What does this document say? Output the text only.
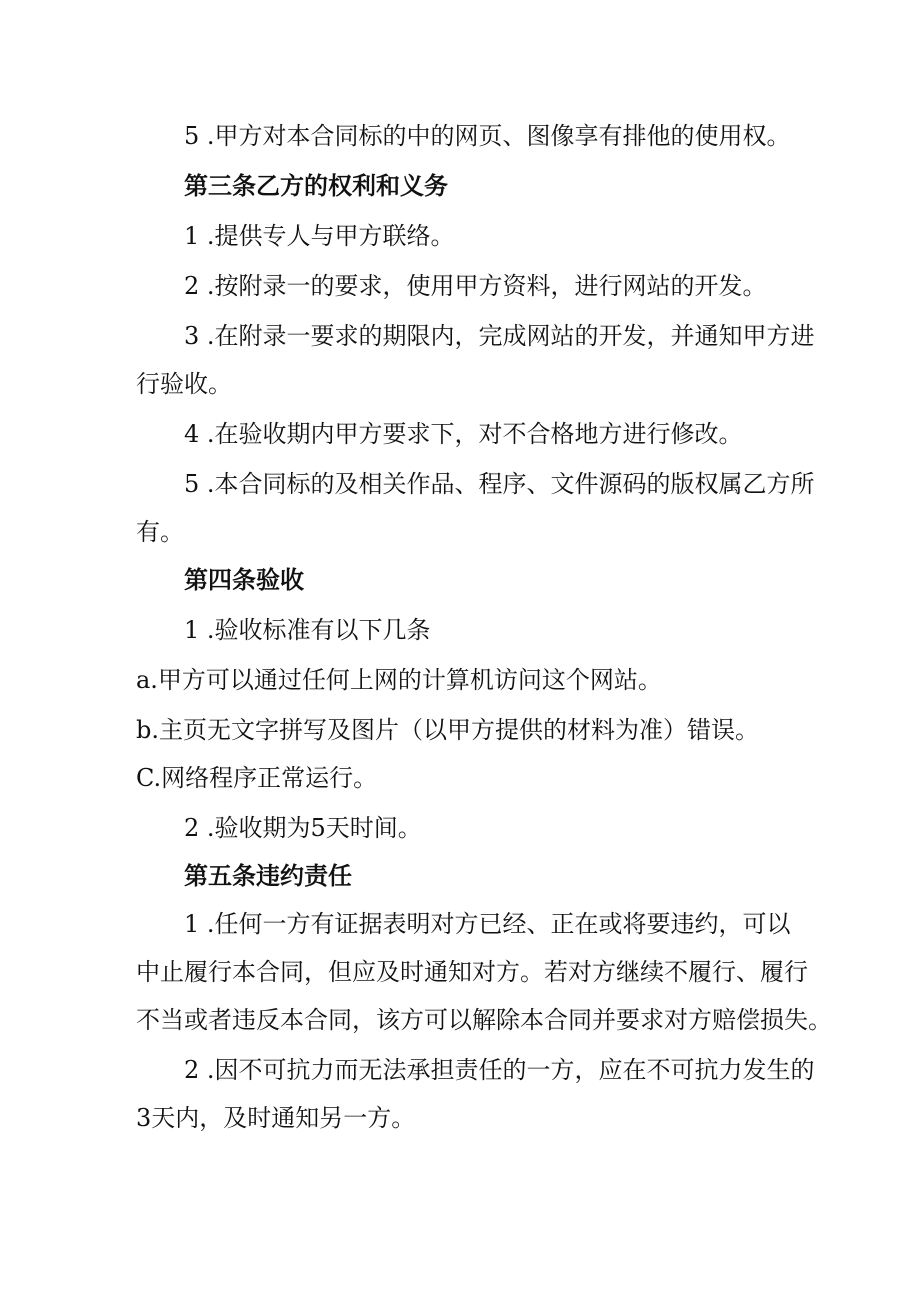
5 .甲方对本合同标的中的网页、图像享有排他的使用权。

第三条乙方的权利和义务

1 .提供专人与甲方联络。

2 .按附录一的要求，使用甲方资料，进行网站的开发。

3 .在附录一要求的期限内，完成网站的开发，并通知甲方进
行验收。

4 .在验收期内甲方要求下，对不合格地方进行修改。

5 .本合同标的及相关作品、程序、文件源码的版权属乙方所
有。

第四条验收

1 .验收标准有以下几条

a.甲方可以通过任何上网的计算机访问这个网站。

b.主页无文字拼写及图片（以甲方提供的材料为准）错误。

C.网络程序正常运行。

2 .验收期为5天时间。

第五条违约责任

1 .任何一方有证据表明对方已经、正在或将要违约，可以
中止履行本合同，但应及时通知对方。若对方继续不履行、履行
不当或者违反本合同，该方可以解除本合同并要求对方赔偿损失。
2 .因不可抗力而无法承担责任的一方，应在不可抗力发生的
3天内，及时通知另一方。
